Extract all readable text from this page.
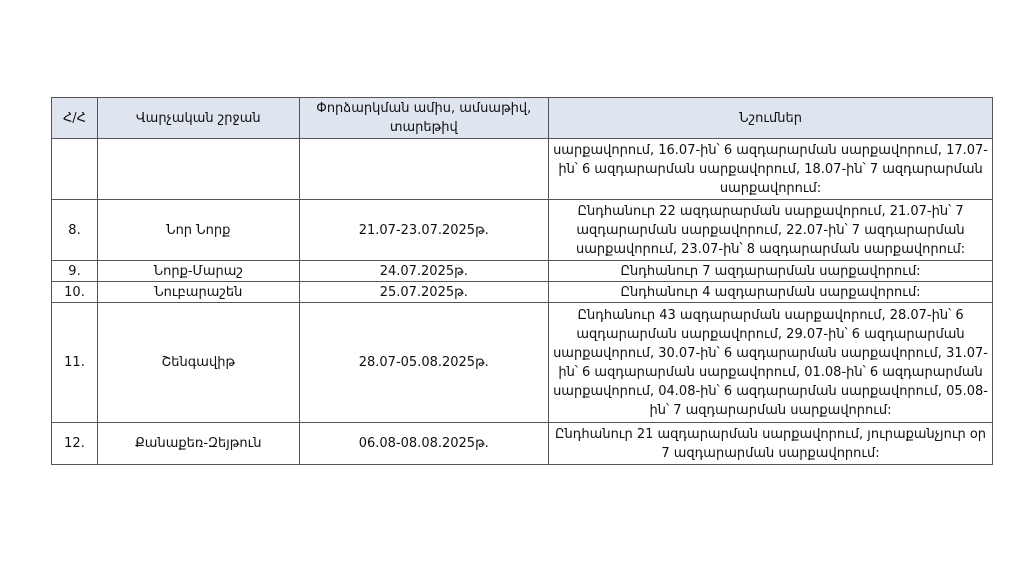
Հ/Հ	Վարչական շրջան	Փորձարկման ամիս, ամսաթիվ, տարեթիվ	Նշումներ
			սարքավորում, 16.07-ին՝ 6 ազդարարման սարքավորում, 17.07-ին՝ 6 ազդարարման սարքավորում, 18.07-ին՝ 7 ազդարարման սարքավորում:
8.	Նոր Նորք	21.07-23.07.2025թ.	Ընդհանուր 22 ազդարարման սարքավորում, 21.07-ին՝ 7 ազդարարման սարքավորում, 22.07-ին՝ 7 ազդարարման սարքավորում, 23.07-ին՝ 8 ազդարարման սարքավորում:
9.	Նորք-Մարաշ	24.07.2025թ.	Ընդհանուր 7 ազդարարման սարքավորում:
10.	Նուբարաշեն	25.07.2025թ.	Ընդհանուր 4 ազդարարման սարքավորում:
11.	Շենգավիթ	28.07-05.08.2025թ.	Ընդհանուր 43 ազդարարման սարքավորում, 28.07-ին՝ 6 ազդարարման սարքավորում, 29.07-ին՝ 6 ազդարարման սարքավորում, 30.07-ին՝ 6 ազդարարման սարքավորում, 31.07-ին՝ 6 ազդարարման սարքավորում, 01.08-ին՝ 6 ազդարարման սարքավորում, 04.08-ին՝ 6 ազդարարման սարքավորում, 05.08-ին՝ 7 ազդարարման սարքավորում:
12.	Քանաքեռ-Զեյթուն	06.08-08.08.2025թ.	Ընդհանուր 21 ազդարարման սարքավորում, յուրաքանչյուր օր 7 ազդարարման սարքավորում:
